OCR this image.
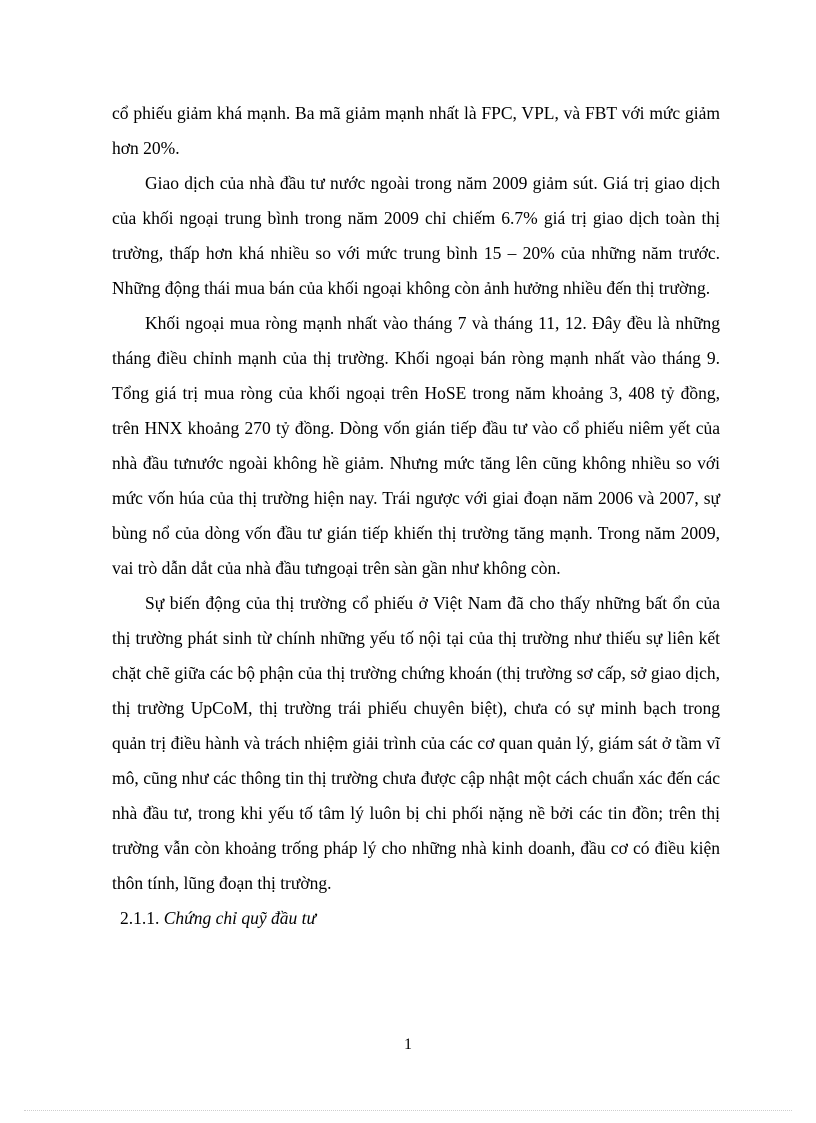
cổ phiếu giảm khá mạnh. Ba mã giảm mạnh nhất là FPC, VPL, và FBT với mức giảm hơn 20%.

Giao dịch của nhà đầu tư nước ngoài trong năm 2009 giảm sút. Giá trị giao dịch của khối ngoại trung bình trong năm 2009 chỉ chiếm 6.7% giá trị giao dịch toàn thị trường, thấp hơn khá nhiều so với mức trung bình 15 – 20% của những năm trước. Những động thái mua bán của khối ngoại không còn ảnh hưởng nhiều đến thị trường.

Khối ngoại mua ròng mạnh nhất vào tháng 7 và tháng 11, 12. Đây đều là những tháng điều chỉnh mạnh của thị trường. Khối ngoại bán ròng mạnh nhất vào tháng 9. Tổng giá trị mua ròng của khối ngoại trên HoSE trong năm khoảng 3, 408 tỷ đồng, trên HNX khoảng 270 tỷ đồng. Dòng vốn gián tiếp đầu tư vào cổ phiếu niêm yết của nhà đầu tưnước ngoài không hề giảm. Nhưng mức tăng lên cũng không nhiều so với mức vốn húa của thị trường hiện nay. Trái ngược với giai đoạn năm 2006 và 2007, sự bùng nổ của dòng vốn đầu tư gián tiếp khiến thị trường tăng mạnh. Trong năm 2009, vai trò dẫn dắt của nhà đầu tưngoại trên sàn gần như không còn.

Sự biến động của thị trường cổ phiếu ở Việt Nam đã cho thấy những bất ổn của thị trường phát sinh từ chính những yếu tố nội tại của thị trường như thiếu sự liên kết chặt chẽ giữa các bộ phận của thị trường chứng khoán (thị trường sơ cấp, sở giao dịch, thị trường UpCoM, thị trường trái phiếu chuyên biệt), chưa có sự minh bạch trong quản trị điều hành và trách nhiệm giải trình của các cơ quan quản lý, giám sát ở tầm vĩ mô, cũng như các thông tin thị trường chưa được cập nhật một cách chuẩn xác đến các nhà đầu tư, trong khi yếu tố tâm lý luôn bị chi phối nặng nề bởi các tin đồn; trên thị trường vẫn còn khoảng trống pháp lý cho những nhà kinh doanh, đầu cơ có điều kiện thôn tính, lũng đoạn thị trường.

2.1.1. Chứng chỉ quỹ đầu tư

1
